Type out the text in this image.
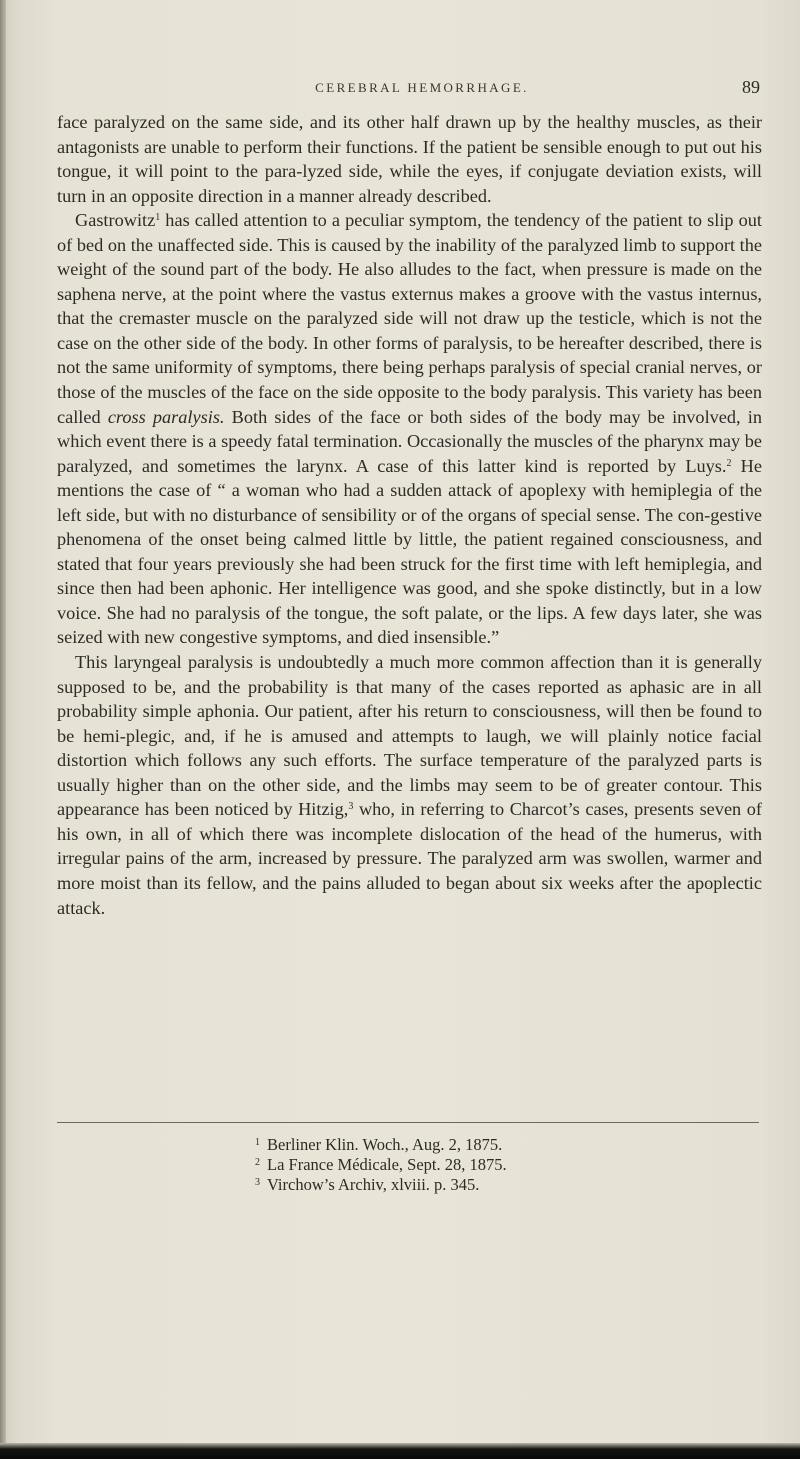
CEREBRAL HEMORRHAGE.	89

face paralyzed on the same side, and its other half drawn up by the healthy muscles, as their antagonists are unable to perform their functions. If the patient be sensible enough to put out his tongue, it will point to the para-lyzed side, while the eyes, if conjugate deviation exists, will turn in an opposite direction in a manner already described.

Gastrowitz$^1$ has called attention to a peculiar symptom, the tendency of the patient to slip out of bed on the unaffected side. This is caused by the inability of the paralyzed limb to support the weight of the sound part of the body. He also alludes to the fact, when pressure is made on the saphena nerve, at the point where the vastus externus makes a groove with the vastus internus, that the cremaster muscle on the paralyzed side will not draw up the testicle, which is not the case on the other side of the body. In other forms of paralysis, to be hereafter described, there is not the same uniformity of symptoms, there being perhaps paralysis of special cranial nerves, or those of the muscles of the face on the side opposite to the body paralysis. This variety has been called cross paralysis. Both sides of the face or both sides of the body may be involved, in which event there is a speedy fatal termination. Occasionally the muscles of the pharynx may be paralyzed, and sometimes the larynx. A case of this latter kind is reported by Luys.$^2$ He mentions the case of “ a woman who had a sudden attack of apoplexy with hemiplegia of the left side, but with no disturbance of sensibility or of the organs of special sense. The con-gestive phenomena of the onset being calmed little by little, the patient regained consciousness, and stated that four years previously she had been struck for the first time with left hemiplegia, and since then had been aphonic. Her intelligence was good, and she spoke distinctly, but in a low voice. She had no paralysis of the tongue, the soft palate, or the lips. A few days later, she was seized with new congestive symptoms, and died insensible.”

This laryngeal paralysis is undoubtedly a much more common affection than it is generally supposed to be, and the probability is that many of the cases reported as aphasic are in all probability simple aphonia. Our patient, after his return to consciousness, will then be found to be hemi-plegic, and, if he is amused and attempts to laugh, we will plainly notice facial distortion which follows any such efforts. The surface temperature of the paralyzed parts is usually higher than on the other side, and the limbs may seem to be of greater contour. This appearance has been noticed by Hitzig,$^3$ who, in referring to Charcot’s cases, presents seven of his own, in all of which there was incomplete dislocation of the head of the humerus, with irregular pains of the arm, increased by pressure. The paralyzed arm was swollen, warmer and more moist than its fellow, and the pains alluded to began about six weeks after the apoplectic attack.

1 Berliner Klin. Woch., Aug. 2, 1875.
2 La France Médicale, Sept. 28, 1875.
3 Virchow’s Archiv, xlviii. p. 345.
